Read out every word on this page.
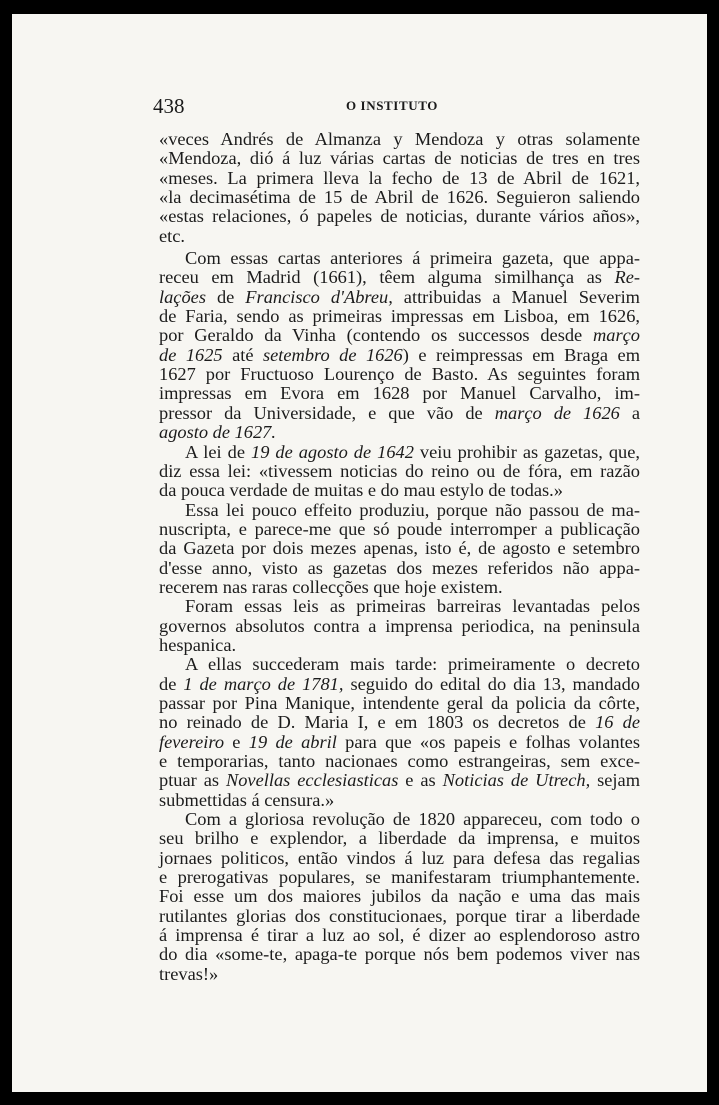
438	O INSTITUTO
«veces Andrés de Almanza y Mendoza y otras solamente
«Mendoza, dió á luz várias cartas de noticias de tres en tres
«meses. La primera lleva la fecho de 13 de Abril de 1621,
«la decimasétima de 15 de Abril de 1626. Seguieron saliendo
«estas relaciones, ó papeles de noticias, durante vários años»,
etc.
Com essas cartas anteriores á primeira gazeta, que appa-
receu em Madrid (1661), têem alguma similhança as Re-
lações de Francisco d'Abreu, attribuidas a Manuel Severim
de Faria, sendo as primeiras impressas em Lisboa, em 1626,
por Geraldo da Vinha (contendo os successos desde março
de 1625 até setembro de 1626) e reimpressas em Braga em
1627 por Fructuoso Lourenço de Basto. As seguintes foram
impressas em Evora em 1628 por Manuel Carvalho, im-
pressor da Universidade, e que vão de março de 1626 a
agosto de 1627.
A lei de 19 de agosto de 1642 veiu prohibir as gazetas, que,
diz essa lei: «tivessem noticias do reino ou de fóra, em razão
da pouca verdade de muitas e do mau estylo de todas.»
Essa lei pouco effeito produziu, porque não passou de ma-
nuscripta, e parece-me que só poude interromper a publicação
da Gazeta por dois mezes apenas, isto é, de agosto e setembro
d'esse anno, visto as gazetas dos mezes referidos não appa-
recerem nas raras collecções que hoje existem.
Foram essas leis as primeiras barreiras levantadas pelos
governos absolutos contra a imprensa periodica, na peninsula
hespanica.
A ellas succederam mais tarde: primeiramente o decreto
de 1 de março de 1781, seguido do edital do dia 13, mandado
passar por Pina Manique, intendente geral da policia da côrte,
no reinado de D. Maria I, e em 1803 os decretos de 16 de
fevereiro e 19 de abril para que «os papeis e folhas volantes
e temporarias, tanto nacionaes como estrangeiras, sem exce-
ptuar as Novellas ecclesiasticas e as Noticias de Utrech, sejam
submettidas á censura.»
Com a gloriosa revolução de 1820 appareceu, com todo o
seu brilho e explendor, a liberdade da imprensa, e muitos
jornaes politicos, então vindos á luz para defesa das regalias
e prerogativas populares, se manifestaram triumphantemente.
Foi esse um dos maiores jubilos da nação e uma das mais
rutilantes glorias dos constitucionaes, porque tirar a liberdade
á imprensa é tirar a luz ao sol, é dizer ao esplendoroso astro
do dia «some-te, apaga-te porque nós bem podemos viver nas
trevas!»
